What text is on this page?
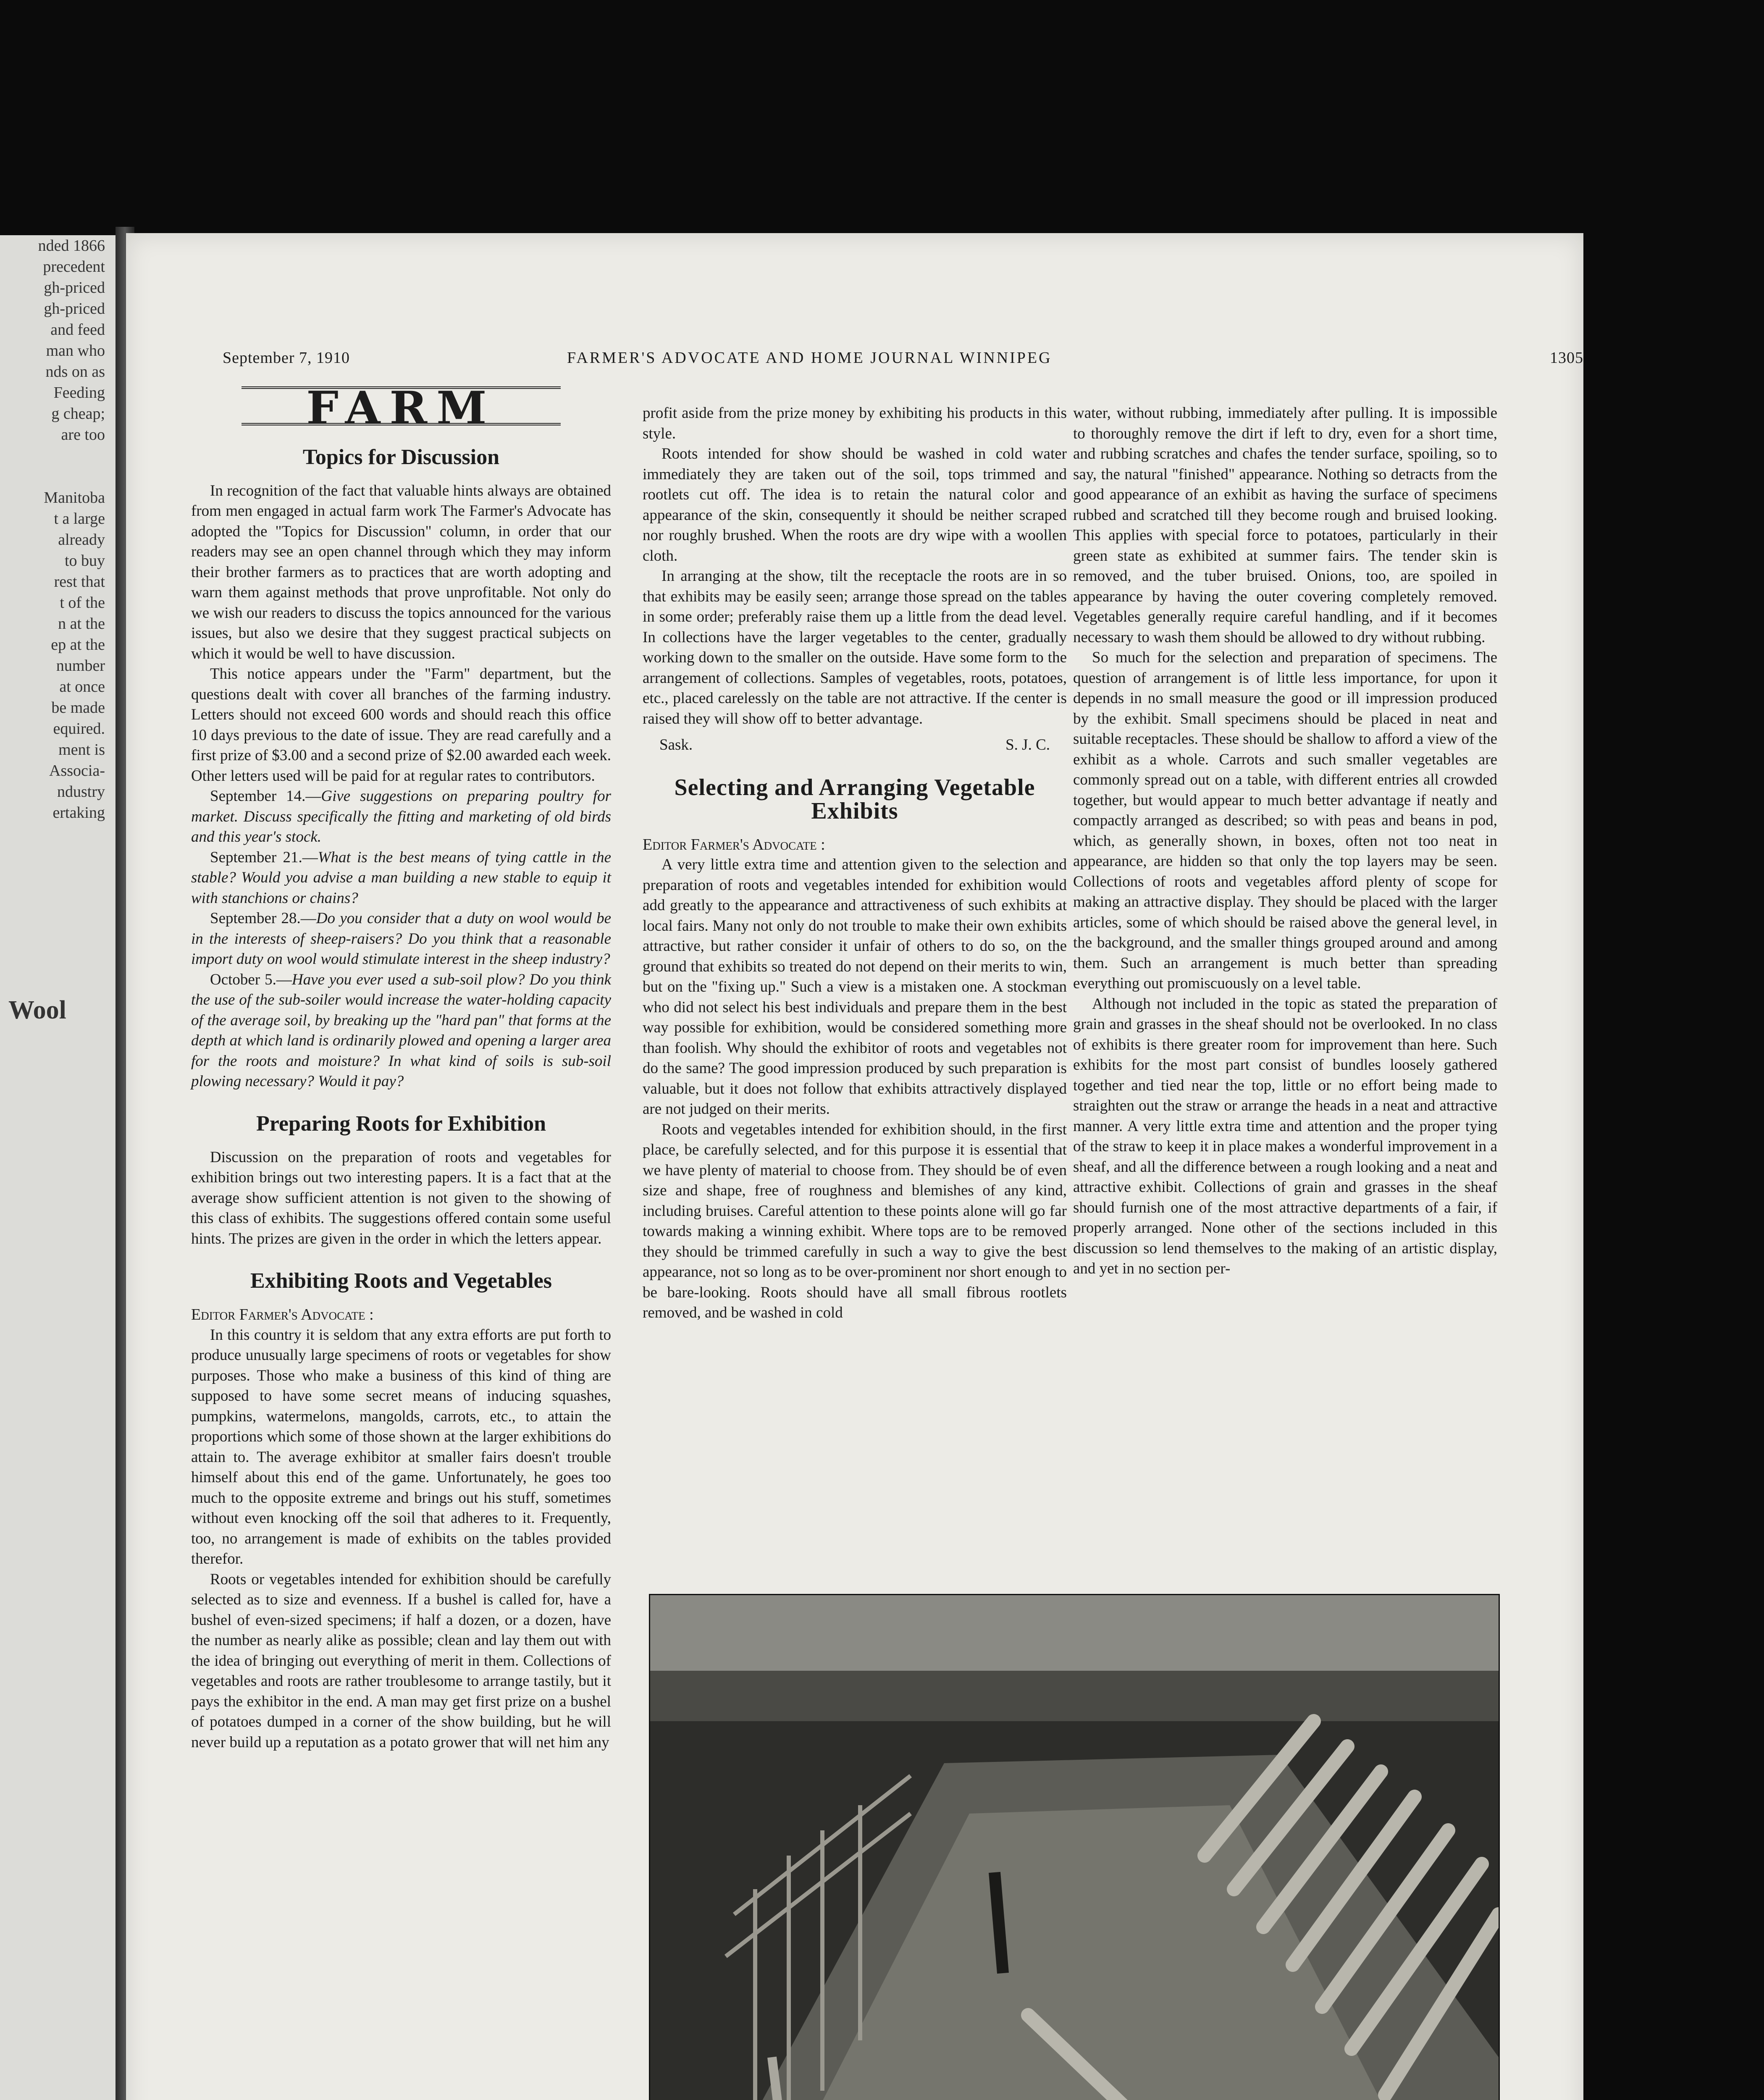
nded 1866
precedent
gh-priced
gh-priced
and feed
man who
nds on as
Feeding
g cheap;
are too

Manitoba
t a large
already
to buy
rest that
t of the
n at the
ep at the
number
at once
be made
equired.
ment is
Associa-
ndustry
ertaking
Wool
September 7, 1910	FARMER'S ADVOCATE AND HOME JOURNAL WINNIPEG	1305
FARM
Topics for Discussion

In recognition of the fact that valuable hints always are obtained from men engaged in actual farm work The Farmer's Advocate has adopted the "Topics for Discussion" column, in order that our readers may see an open channel through which they may inform their brother farmers as to practices that are worth adopting and warn them against methods that prove unprofitable. Not only do we wish our readers to discuss the topics announced for the various issues, but also we desire that they suggest practical subjects on which it would be well to have discussion.

This notice appears under the "Farm" department, but the questions dealt with cover all branches of the farming industry. Letters should not exceed 600 words and should reach this office 10 days previous to the date of issue. They are read carefully and a first prize of $3.00 and a second prize of $2.00 awarded each week. Other letters used will be paid for at regular rates to contributors.

September 14.—Give suggestions on preparing poultry for market. Discuss specifically the fitting and marketing of old birds and this year's stock.

September 21.—What is the best means of tying cattle in the stable? Would you advise a man building a new stable to equip it with stanchions or chains?

September 28.—Do you consider that a duty on wool would be in the interests of sheep-raisers? Do you think that a reasonable import duty on wool would stimulate interest in the sheep industry?

October 5.—Have you ever used a sub-soil plow? Do you think the use of the sub-soiler would increase the water-holding capacity of the average soil, by breaking up the "hard pan" that forms at the depth at which land is ordinarily plowed and opening a larger area for the roots and moisture? In what kind of soils is sub-soil plowing necessary? Would it pay?

Preparing Roots for Exhibition

Discussion on the preparation of roots and vegetables for exhibition brings out two interesting papers. It is a fact that at the average show sufficient attention is not given to the showing of this class of exhibits. The suggestions offered contain some useful hints. The prizes are given in the order in which the letters appear.

Exhibiting Roots and Vegetables

Editor Farmer's Advocate :

In this country it is seldom that any extra efforts are put forth to produce unusually large specimens of roots or vegetables for show purposes. Those who make a business of this kind of thing are supposed to have some secret means of inducing squashes, pumpkins, watermelons, mangolds, carrots, etc., to attain the proportions which some of those shown at the larger exhibitions do attain to. The average exhibitor at smaller fairs doesn't trouble himself about this end of the game. Unfortunately, he goes too much to the opposite extreme and brings out his stuff, sometimes without even knocking off the soil that adheres to it. Frequently, too, no arrangement is made of exhibits on the tables provided therefor.

Roots or vegetables intended for exhibition should be carefully selected as to size and evenness. If a bushel is called for, have a bushel of even-sized specimens; if half a dozen, or a dozen, have the number as nearly alike as possible; clean and lay them out with the idea of bringing out everything of merit in them. Collections of vegetables and roots are rather troublesome to arrange tastily, but it pays the exhibitor in the end. A man may get first prize on a bushel of potatoes dumped in a corner of the show building, but he will never build up a reputation as a potato grower that will net him any

profit aside from the prize money by exhibiting his products in this style.

Roots intended for show should be washed in cold water immediately they are taken out of the soil, tops trimmed and rootlets cut off. The idea is to retain the natural color and appearance of the skin, consequently it should be neither scraped nor roughly brushed. When the roots are dry wipe with a woollen cloth.

In arranging at the show, tilt the receptacle the roots are in so that exhibits may be easily seen; arrange those spread on the tables in some order; preferably raise them up a little from the dead level. In collections have the larger vegetables to the center, gradually working down to the smaller on the outside. Have some form to the arrangement of collections. Samples of vegetables, roots, potatoes, etc., placed carelessly on the table are not attractive. If the center is raised they will show off to better advantage.

Sask.	S. J. C.
Selecting and Arranging Vegetable Exhibits

Editor Farmer's Advocate :

A very little extra time and attention given to the selection and preparation of roots and vegetables intended for exhibition would add greatly to the appearance and attractiveness of such exhibits at local fairs. Many not only do not trouble to make their own exhibits attractive, but rather consider it unfair of others to do so, on the ground that exhibits so treated do not depend on their merits to win, but on the "fixing up." Such a view is a mistaken one. A stockman who did not select his best individuals and prepare them in the best way possible for exhibition, would be considered something more than foolish. Why should the exhibitor of roots and vegetables not do the same? The good impression produced by such preparation is valuable, but it does not follow that exhibits attractively displayed are not judged on their merits.

Roots and vegetables intended for exhibition should, in the first place, be carefully selected, and for this purpose it is essential that we have plenty of material to choose from. They should be of even size and shape, free of roughness and blemishes of any kind, including bruises. Careful attention to these points alone will go far towards making a winning exhibit. Where tops are to be removed they should be trimmed carefully in such a way to give the best appearance, not so long as to be over-prominent nor short enough to be bare-looking. Roots should have all small fibrous rootlets removed, and be washed in cold

water, without rubbing, immediately after pulling. It is impossible to thoroughly remove the dirt if left to dry, even for a short time, and rubbing scratches and chafes the tender surface, spoiling, so to say, the natural "finished" appearance. Nothing so detracts from the good appearance of an exhibit as having the surface of specimens rubbed and scratched till they become rough and bruised looking. This applies with special force to potatoes, particularly in their green state as exhibited at summer fairs. The tender skin is removed, and the tuber bruised. Onions, too, are spoiled in appearance by having the outer covering completely removed. Vegetables generally require careful handling, and if it becomes necessary to wash them should be allowed to dry without rubbing.

So much for the selection and preparation of specimens. The question of arrangement is of little less importance, for upon it depends in no small measure the good or ill impression produced by the exhibit. Small specimens should be placed in neat and suitable receptacles. These should be shallow to afford a view of the exhibit as a whole. Carrots and such smaller vegetables are commonly spread out on a table, with different entries all crowded together, but would appear to much better advantage if neatly and compactly arranged as described; so with peas and beans in pod, which, as generally shown, in boxes, often not too neat in appearance, are hidden so that only the top layers may be seen. Collections of roots and vegetables afford plenty of scope for making an attractive display. They should be placed with the larger articles, some of which should be raised above the general level, in the background, and the smaller things grouped around and among them. Such an arrangement is much better than spreading everything out promiscuously on a level table.

Although not included in the topic as stated the preparation of grain and grasses in the sheaf should not be overlooked. In no class of exhibits is there greater room for improvement than here. Such exhibits for the most part consist of bundles loosely gathered together and tied near the top, little or no effort being made to straighten out the straw or arrange the heads in a neat and attractive manner. A very little extra time and attention and the proper tying of the straw to keep it in place makes a wonderful improvement in a sheaf, and all the difference between a rough looking and a neat and attractive exhibit. Collections of grain and grasses in the sheaf should furnish one of the most attractive departments of a fair, if properly arranged. None other of the sections included in this discussion so lend themselves to the making of an artistic display, and yet in no section per-
